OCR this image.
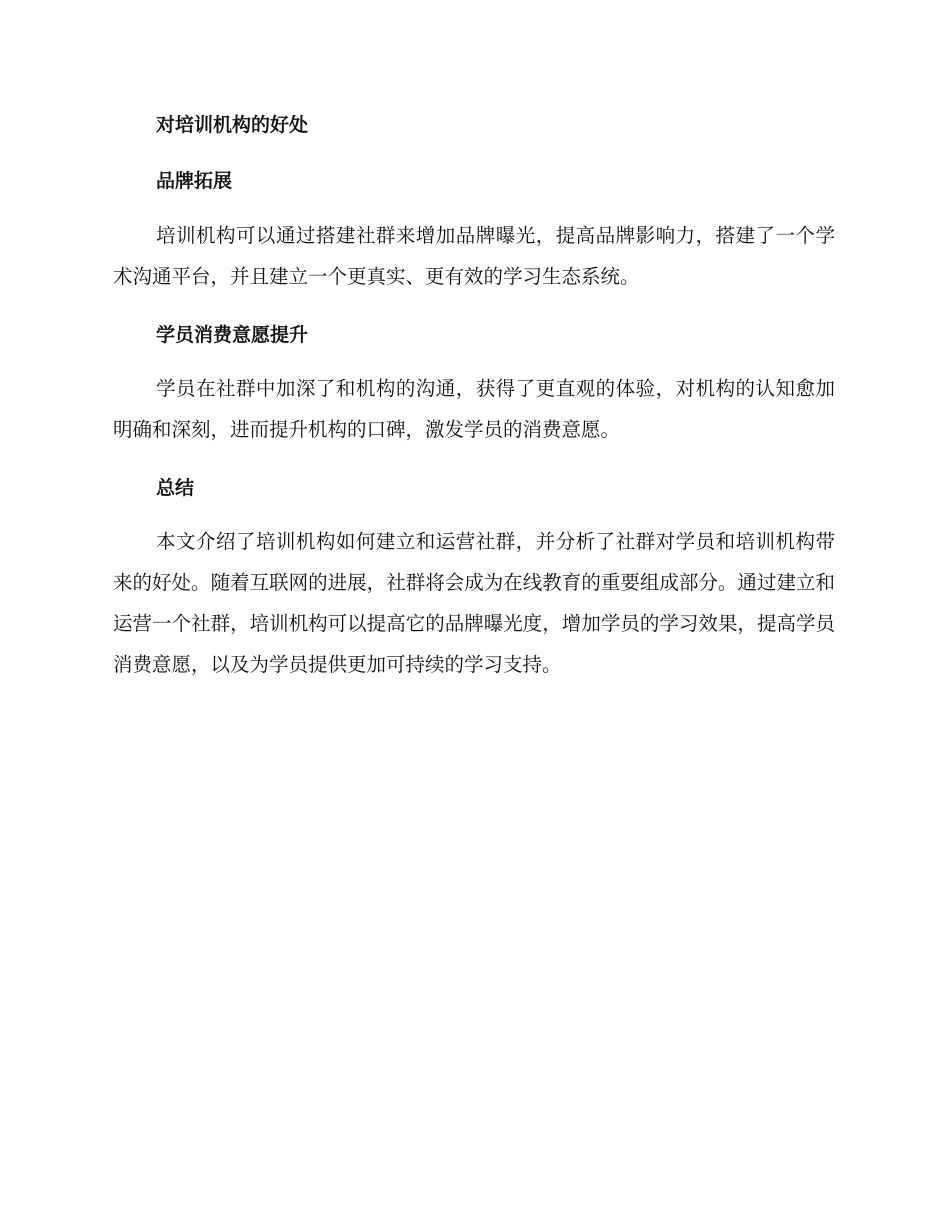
对培训机构的好处
品牌拓展

培训机构可以通过搭建社群来增加品牌曝光，提高品牌影响力，搭建了一个学术沟通平台，并且建立一个更真实、更有效的学习生态系统。

学员消费意愿提升

学员在社群中加深了和机构的沟通，获得了更直观的体验，对机构的认知愈加明确和深刻，进而提升机构的口碑，激发学员的消费意愿。

总结

本文介绍了培训机构如何建立和运营社群，并分析了社群对学员和培训机构带来的好处。随着互联网的进展，社群将会成为在线教育的重要组成部分。通过建立和运营一个社群，培训机构可以提高它的品牌曝光度，增加学员的学习效果，提高学员消费意愿，以及为学员提供更加可持续的学习支持。
